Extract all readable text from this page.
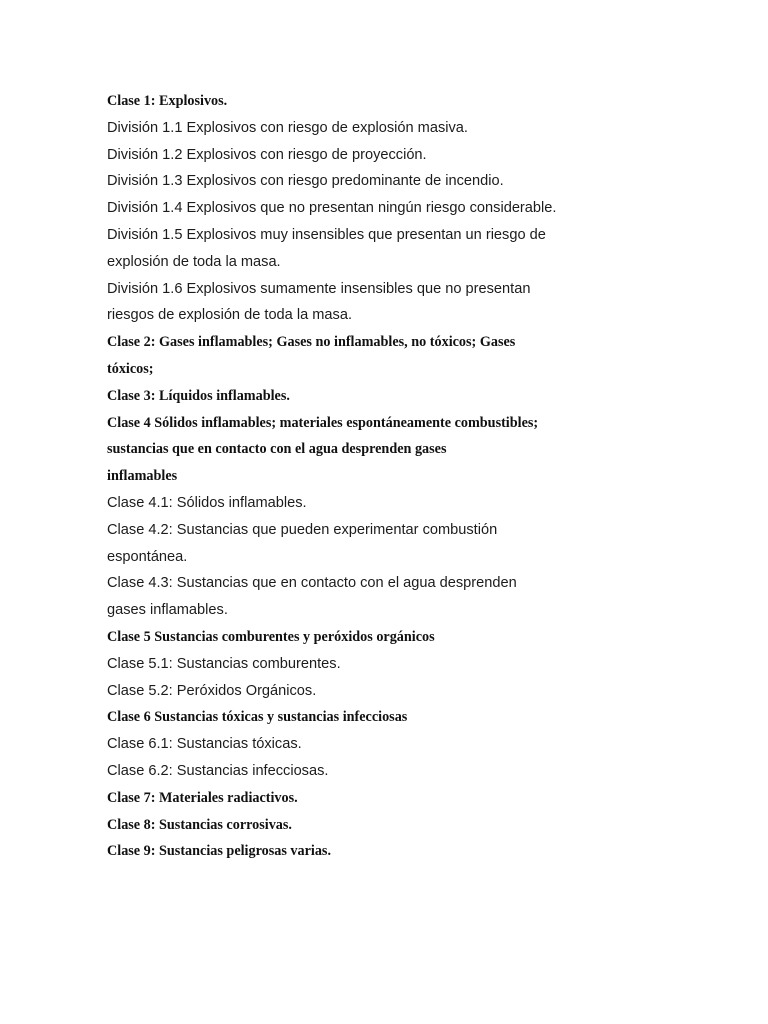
Clase 1: Explosivos.
División 1.1 Explosivos con riesgo de explosión masiva.
División 1.2 Explosivos con riesgo de proyección.
División 1.3 Explosivos con riesgo predominante de incendio.
División 1.4 Explosivos que no presentan ningún riesgo considerable.
División 1.5 Explosivos muy insensibles que presentan un riesgo de
explosión de toda la masa.
División 1.6 Explosivos sumamente insensibles que no presentan
riesgos de explosión de toda la masa.
Clase 2: Gases inflamables; Gases no inflamables, no tóxicos; Gases
tóxicos;
Clase 3: Líquidos inflamables.
Clase 4 Sólidos inflamables; materiales espontáneamente combustibles;
sustancias que en contacto con el agua desprenden gases
inflamables
Clase 4.1: Sólidos inflamables.
Clase 4.2: Sustancias que pueden experimentar combustión
espontánea.
Clase 4.3: Sustancias que en contacto con el agua desprenden
gases inflamables.
Clase 5 Sustancias comburentes y peróxidos orgánicos
Clase 5.1: Sustancias comburentes.
Clase 5.2: Peróxidos Orgánicos.
Clase 6 Sustancias tóxicas y sustancias infecciosas
Clase 6.1: Sustancias tóxicas.
Clase 6.2: Sustancias infecciosas.
Clase 7: Materiales radiactivos.
Clase 8: Sustancias corrosivas.
Clase 9: Sustancias peligrosas varias.
